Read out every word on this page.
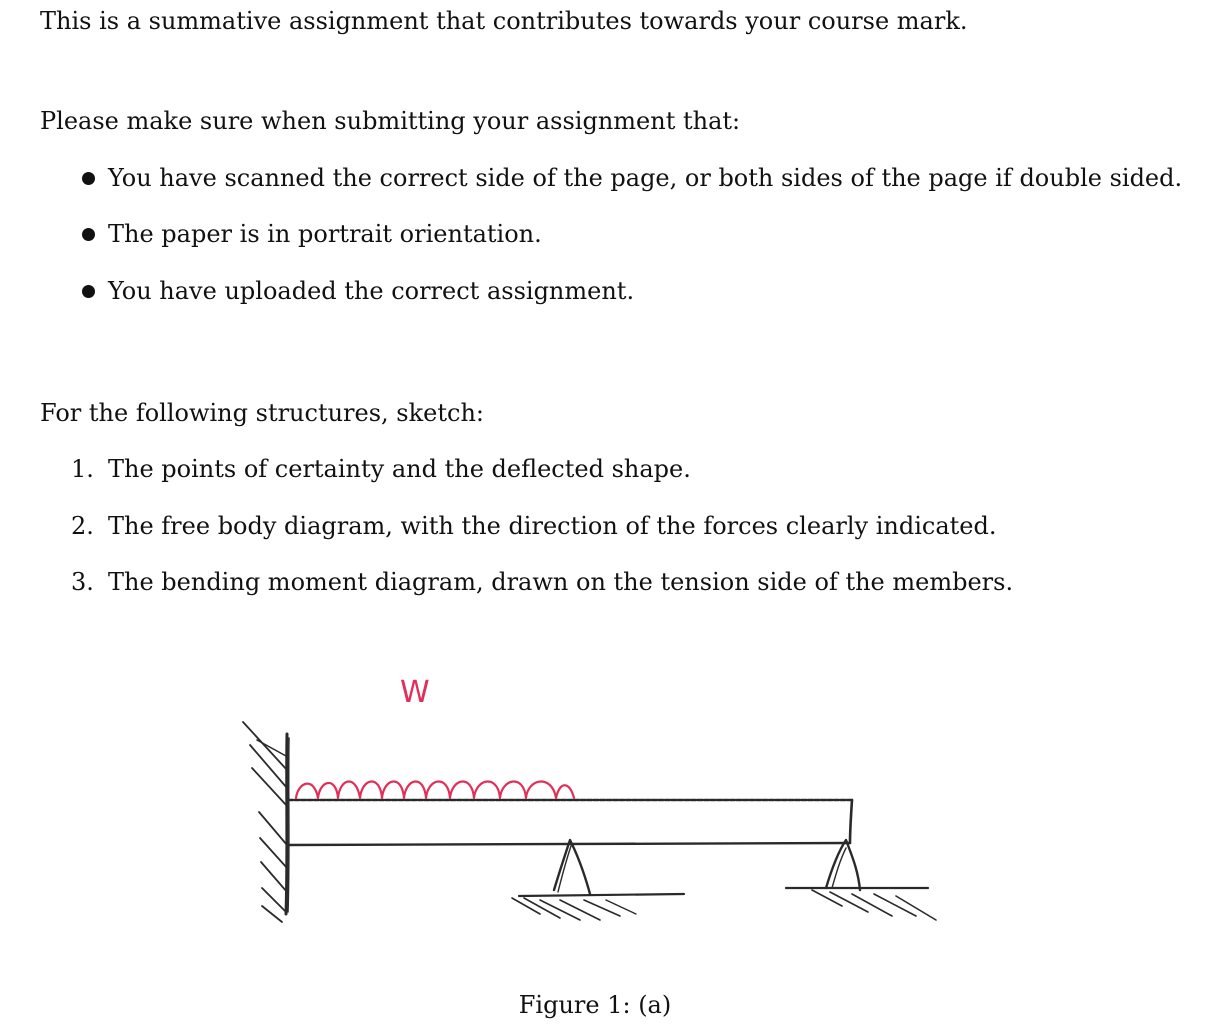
This is a summative assignment that contributes towards your course mark.

Please make sure when submitting your assignment that:

You have scanned the correct side of the page, or both sides of the page if double sided.
The paper is in portrait orientation.
You have uploaded the correct assignment.

For the following structures, sketch:

1. The points of certainty and the deflected shape.
2. The free body diagram, with the direction of the forces clearly indicated.
3. The bending moment diagram, drawn on the tension side of the members.
W
Figure 1: (a)
